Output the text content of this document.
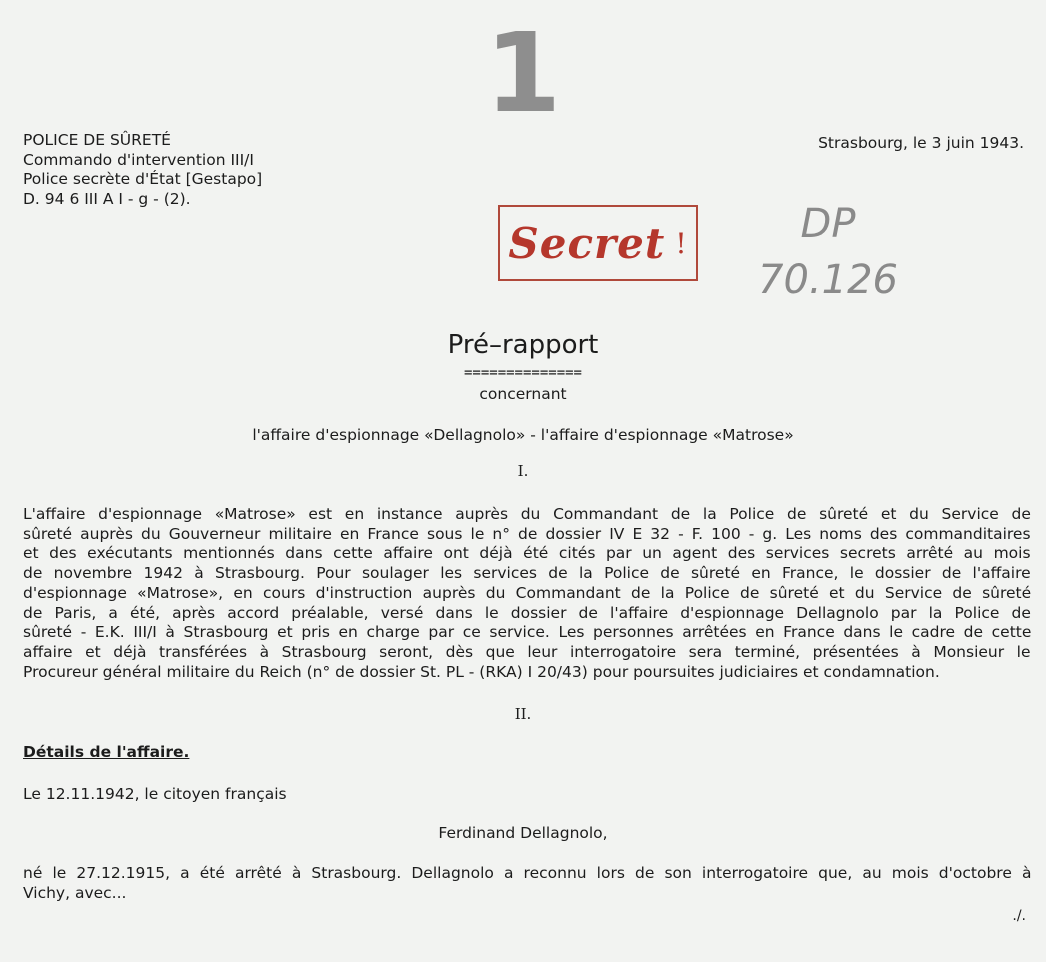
1
POLICE DE SÛRETÉ
Commando d'intervention III/I
Police secrète d'État [Gestapo]
D. 94 6 III A I - g - (2).
Strasbourg, le 3 juin 1943.
Secret !	DP
70.126
Pré–rapport
==============
concernant
l'affaire d'espionnage «Dellagnolo» - l'affaire d'espionnage «Matrose»
I.
L'affaire d'espionnage «Matrose» est en instance auprès du Commandant de la Police de sûreté et du Service de
sûreté auprès du Gouverneur militaire en France sous le n° de dossier IV E 32 - F. 100 - g. Les noms des commanditaires
et des exécutants mentionnés dans cette affaire ont déjà été cités par un agent des services secrets arrêté au mois
de novembre 1942 à Strasbourg. Pour soulager les services de la Police de sûreté en France, le dossier de l'affaire
d'espionnage «Matrose», en cours d'instruction auprès du Commandant de la Police de sûreté et du Service de sûreté
de Paris, a été, après accord préalable, versé dans le dossier de l'affaire d'espionnage Dellagnolo par la Police de
sûreté - E.K. III/I à Strasbourg et pris en charge par ce service. Les personnes arrêtées en France dans le cadre de cette
affaire et déjà transférées à Strasbourg seront, dès que leur interrogatoire sera terminé, présentées à Monsieur le
Procureur général militaire du Reich (n° de dossier St. PL - (RKA) I 20/43) pour poursuites judiciaires et condamnation.
II.
Détails de l'affaire.
Le 12.11.1942, le citoyen français
Ferdinand Dellagnolo,
né le 27.12.1915, a été arrêté à Strasbourg. Dellagnolo a reconnu lors de son interrogatoire que, au mois d'octobre à
Vichy, avec...
./.
